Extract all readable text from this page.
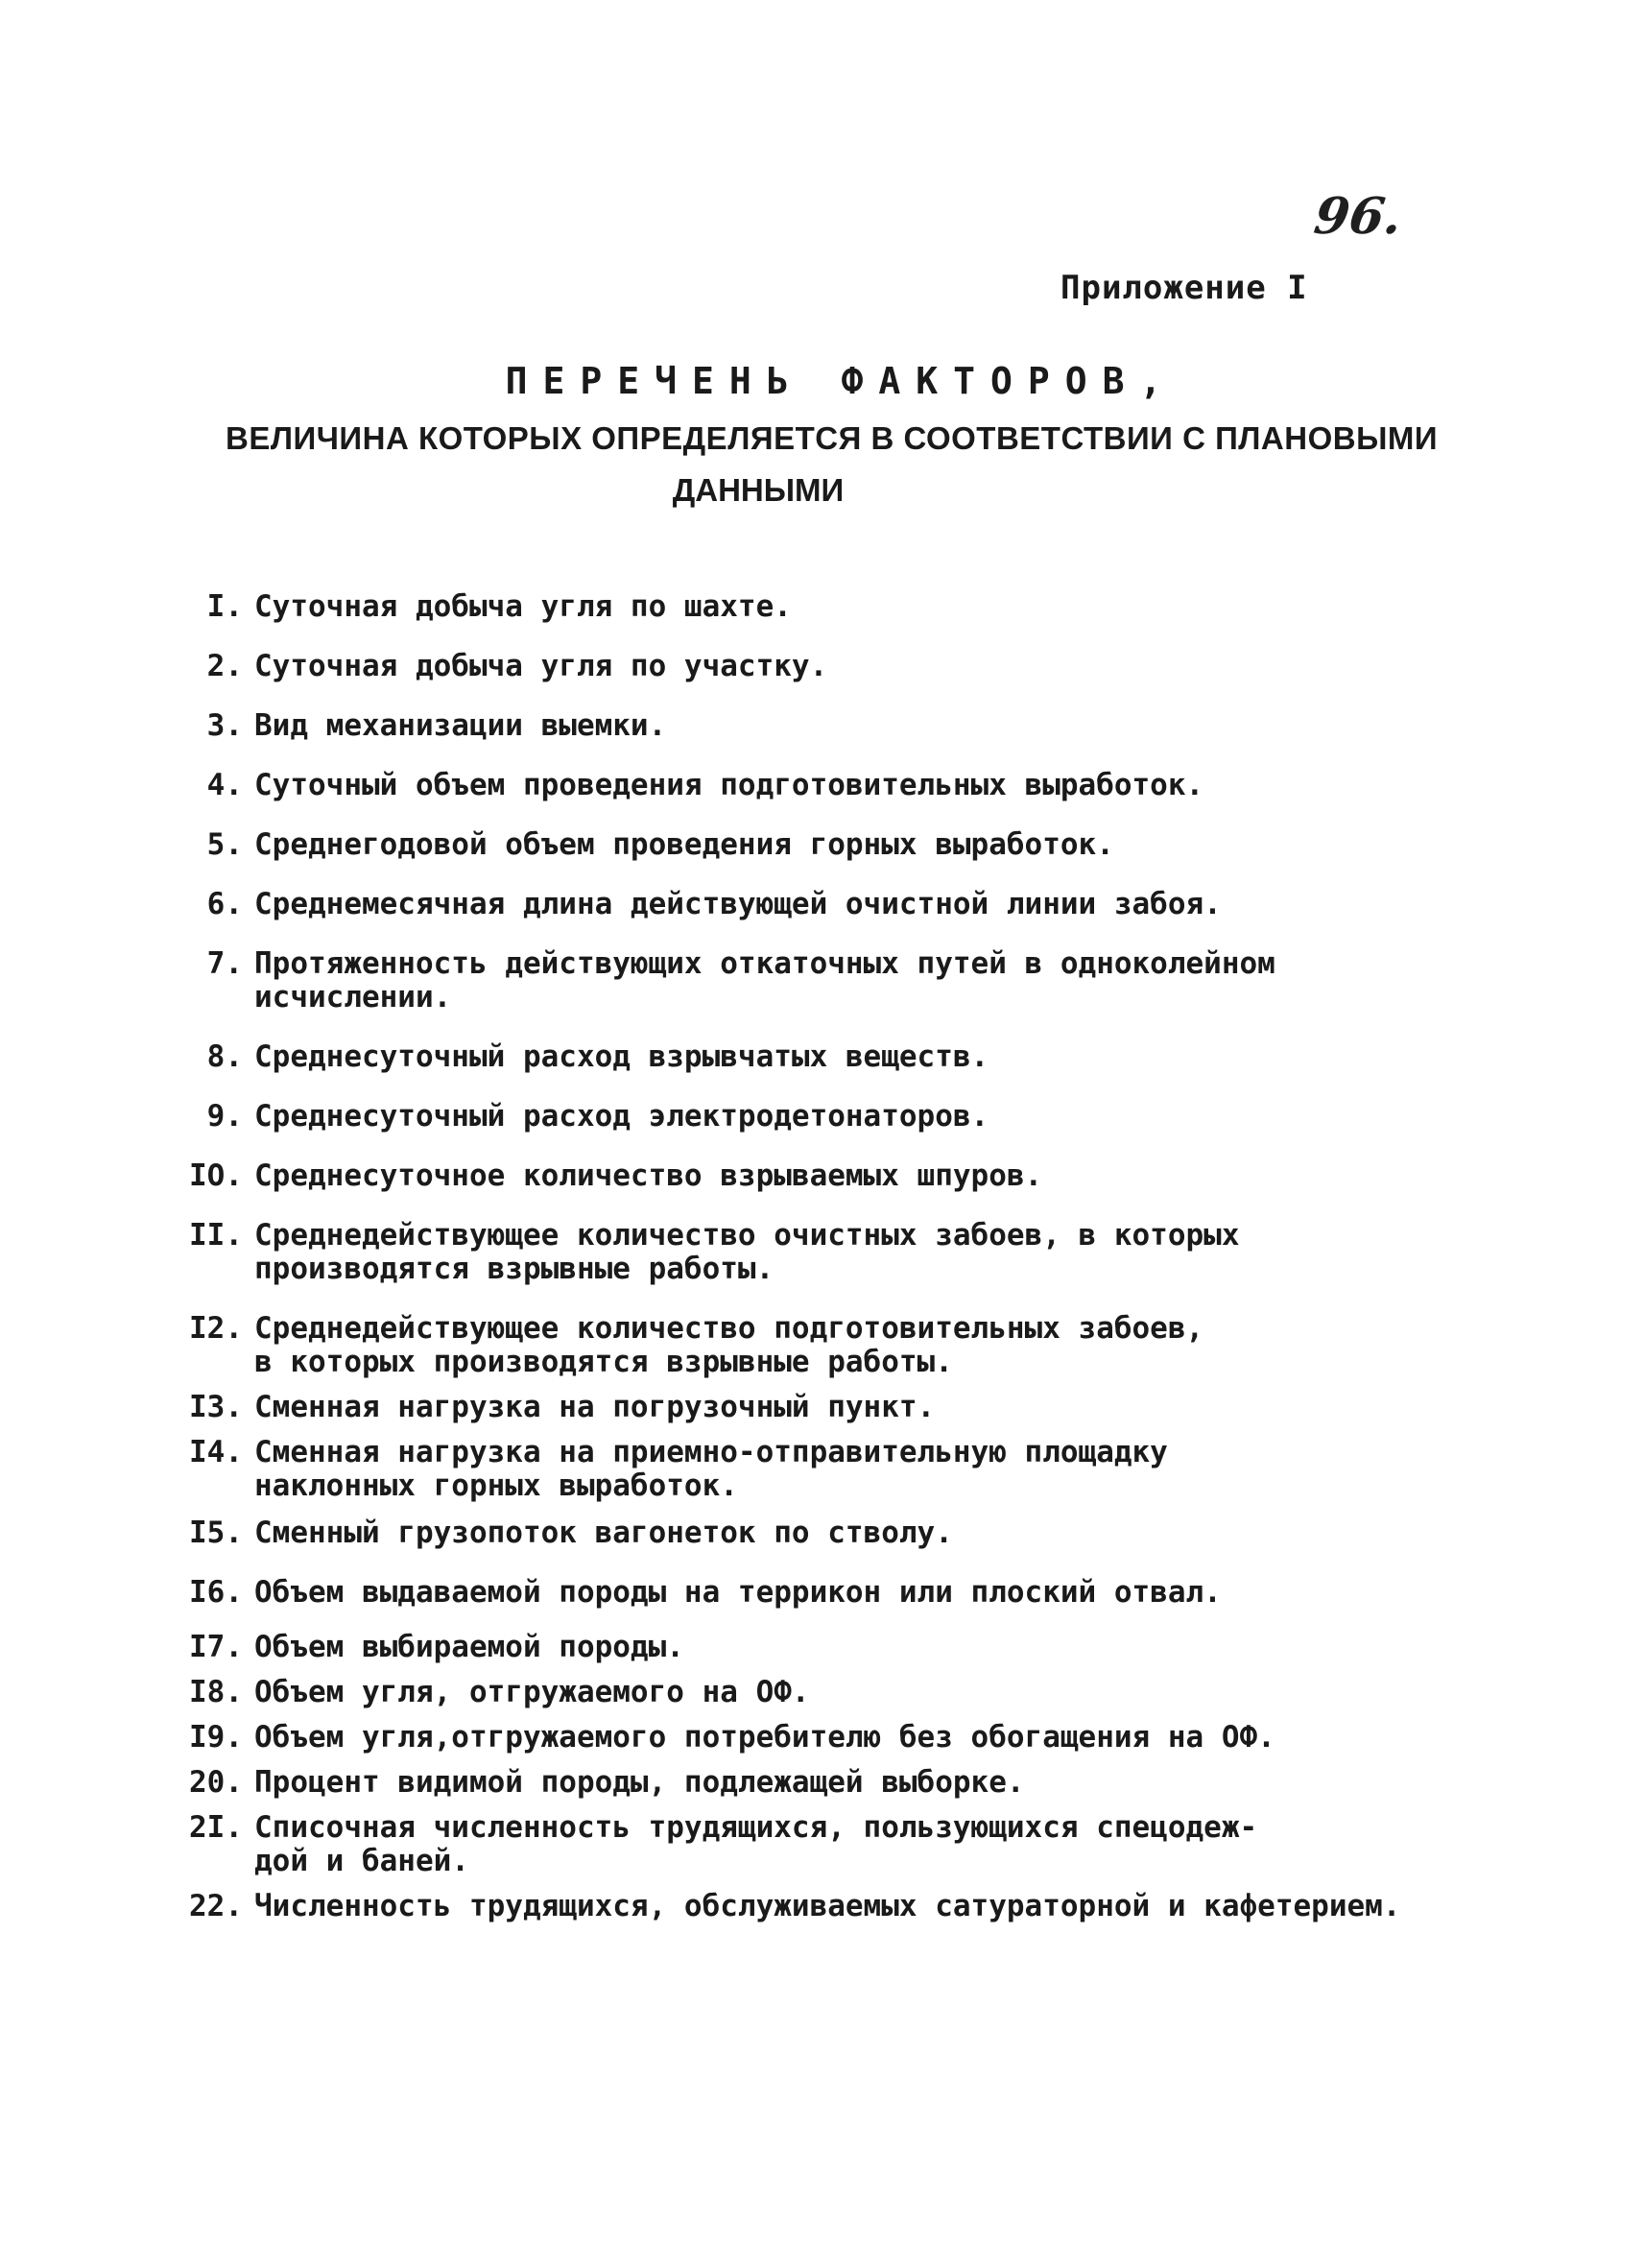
96.
Приложение I
ПЕРЕЧЕНЬ ФАКТОРОВ,
ВЕЛИЧИНА КОТОРЫХ ОПРЕДЕЛЯЕТСЯ В СООТВЕТСТВИИ С ПЛАНОВЫМИ
ДАННЫМИ
I. Суточная добыча угля по шахте.
2. Суточная добыча угля по участку.
3. Вид механизации выемки.
4. Суточный объем проведения подготовительных выработок.
5. Среднегодовой объем проведения горных выработок.
6. Среднемесячная длина действующей очистной линии забоя.
7. Протяженность действующих откаточных путей в одноколейном
исчислении.
8. Среднесуточный расход взрывчатых веществ.
9. Среднесуточный расход электродетонаторов.
IO. Среднесуточное количество взрываемых шпуров.
II. Среднедействующее количество очистных забоев, в которых
производятся взрывные работы.
I2. Среднедействующее количество подготовительных забоев,
в которых производятся взрывные работы.
I3. Сменная нагрузка на погрузочный пункт.
I4. Сменная нагрузка на приемно-отправительную площадку
наклонных горных выработок.
I5. Сменный грузопоток вагонеток по стволу.
I6. Объем выдаваемой породы на террикон или плоский отвал.
I7. Объем выбираемой породы.
I8. Объем угля, отгружаемого на ОФ.
I9. Объем угля,отгружаемого потребителю без обогащения на ОФ.
20. Процент видимой породы, подлежащей выборке.
2I. Списочная численность трудящихся, пользующихся спецодеж-
дой и баней.
22. Численность трудящихся, обслуживаемых сатураторной и кафетерием.
